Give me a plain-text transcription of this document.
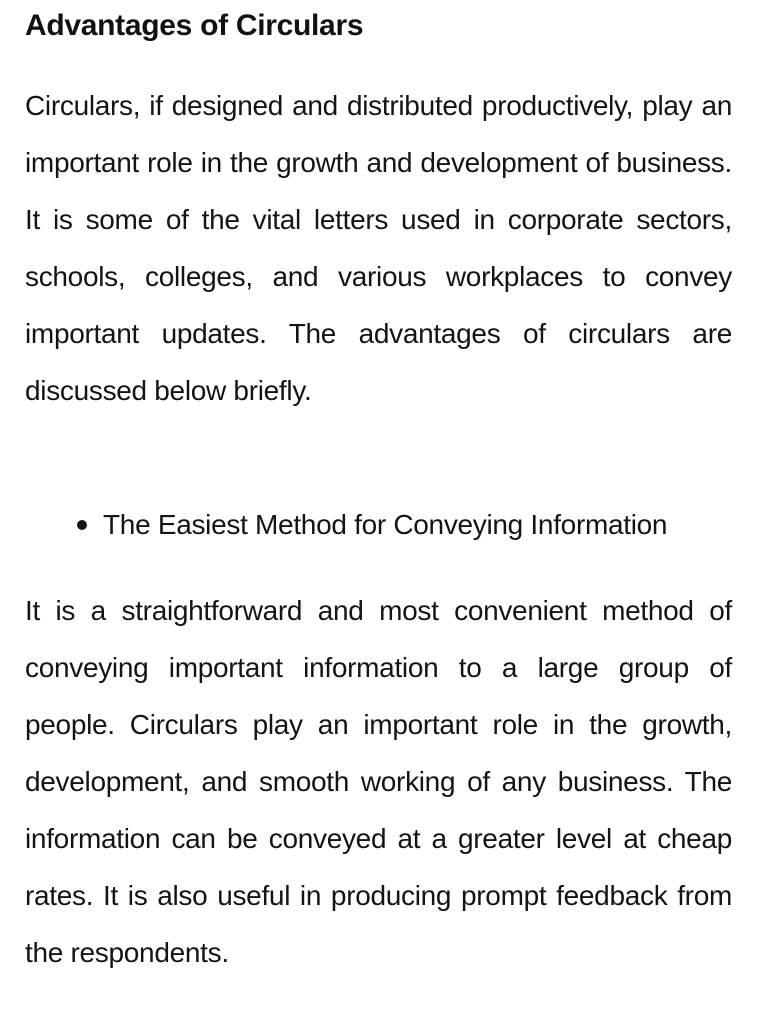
Advantages of Circulars

Circulars, if designed and distributed productively, play an important role in the growth and development of business. It is some of the vital letters used in corporate sectors, schools, colleges, and various workplaces to convey important updates. The advantages of circulars are discussed below briefly.

The Easiest Method for Conveying Information

It is a straightforward and most convenient method of conveying important information to a large group of people. Circulars play an important role in the growth, development, and smooth working of any business. The information can be conveyed at a greater level at cheap rates. It is also useful in producing prompt feedback from the respondents.
